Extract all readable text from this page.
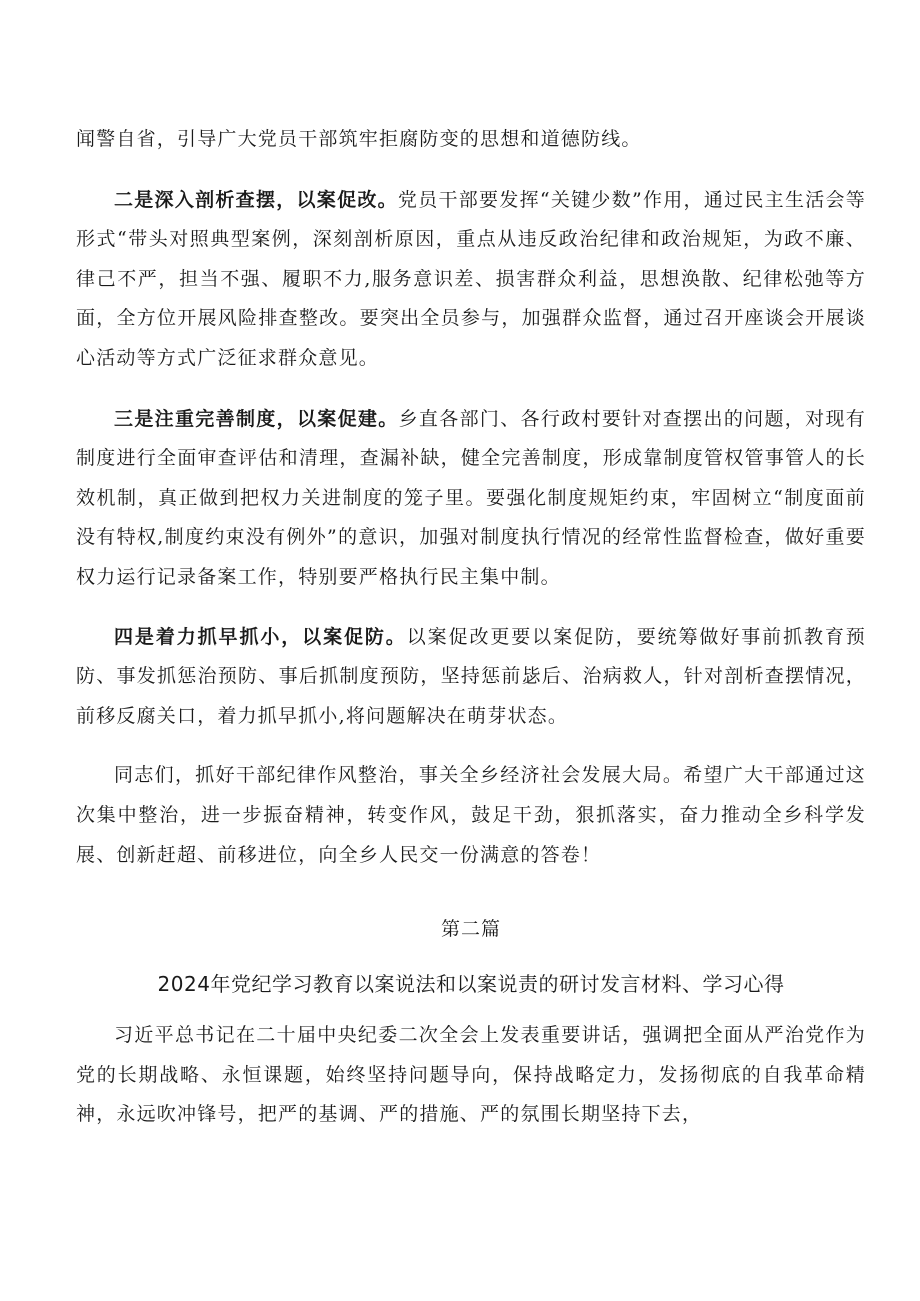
闻警自省，引导广大党员干部筑牢拒腐防变的思想和道德防线。

二是深入剖析查摆，以案促改。党员干部要发挥“关键少数”作用，通过民主生活会等形式“带头对照典型案例，深刻剖析原因，重点从违反政治纪律和政治规矩，为政不廉、律己不严，担当不强、履职不力,服务意识差、损害群众利益，思想涣散、纪律松弛等方面，全方位开展风险排查整改。要突出全员参与，加强群众监督，通过召开座谈会开展谈心活动等方式广泛征求群众意见。

三是注重完善制度，以案促建。乡直各部门、各行政村要针对查摆出的问题，对现有制度进行全面审查评估和清理，查漏补缺，健全完善制度，形成靠制度管权管事管人的长效机制，真正做到把权力关进制度的笼子里。要强化制度规矩约束，牢固树立“制度面前没有特权,制度约束没有例外”的意识，加强对制度执行情况的经常性监督检查，做好重要权力运行记录备案工作，特别要严格执行民主集中制。

四是着力抓早抓小，以案促防。以案促改更要以案促防，要统筹做好事前抓教育预防、事发抓惩治预防、事后抓制度预防，坚持惩前毖后、治病救人，针对剖析查摆情况，前移反腐关口，着力抓早抓小,将问题解决在萌芽状态。

同志们，抓好干部纪律作风整治，事关全乡经济社会发展大局。希望广大干部通过这次集中整治，进一步振奋精神，转变作风，鼓足干劲，狠抓落实，奋力推动全乡科学发展、创新赶超、前移进位，向全乡人民交一份满意的答卷！

第二篇

2024年党纪学习教育以案说法和以案说责的研讨发言材料、学习心得

习近平总书记在二十届中央纪委二次全会上发表重要讲话，强调把全面从严治党作为党的长期战略、永恒课题，始终坚持问题导向，保持战略定力，发扬彻底的自我革命精神，永远吹冲锋号，把严的基调、严的措施、严的氛围长期坚持下去，
